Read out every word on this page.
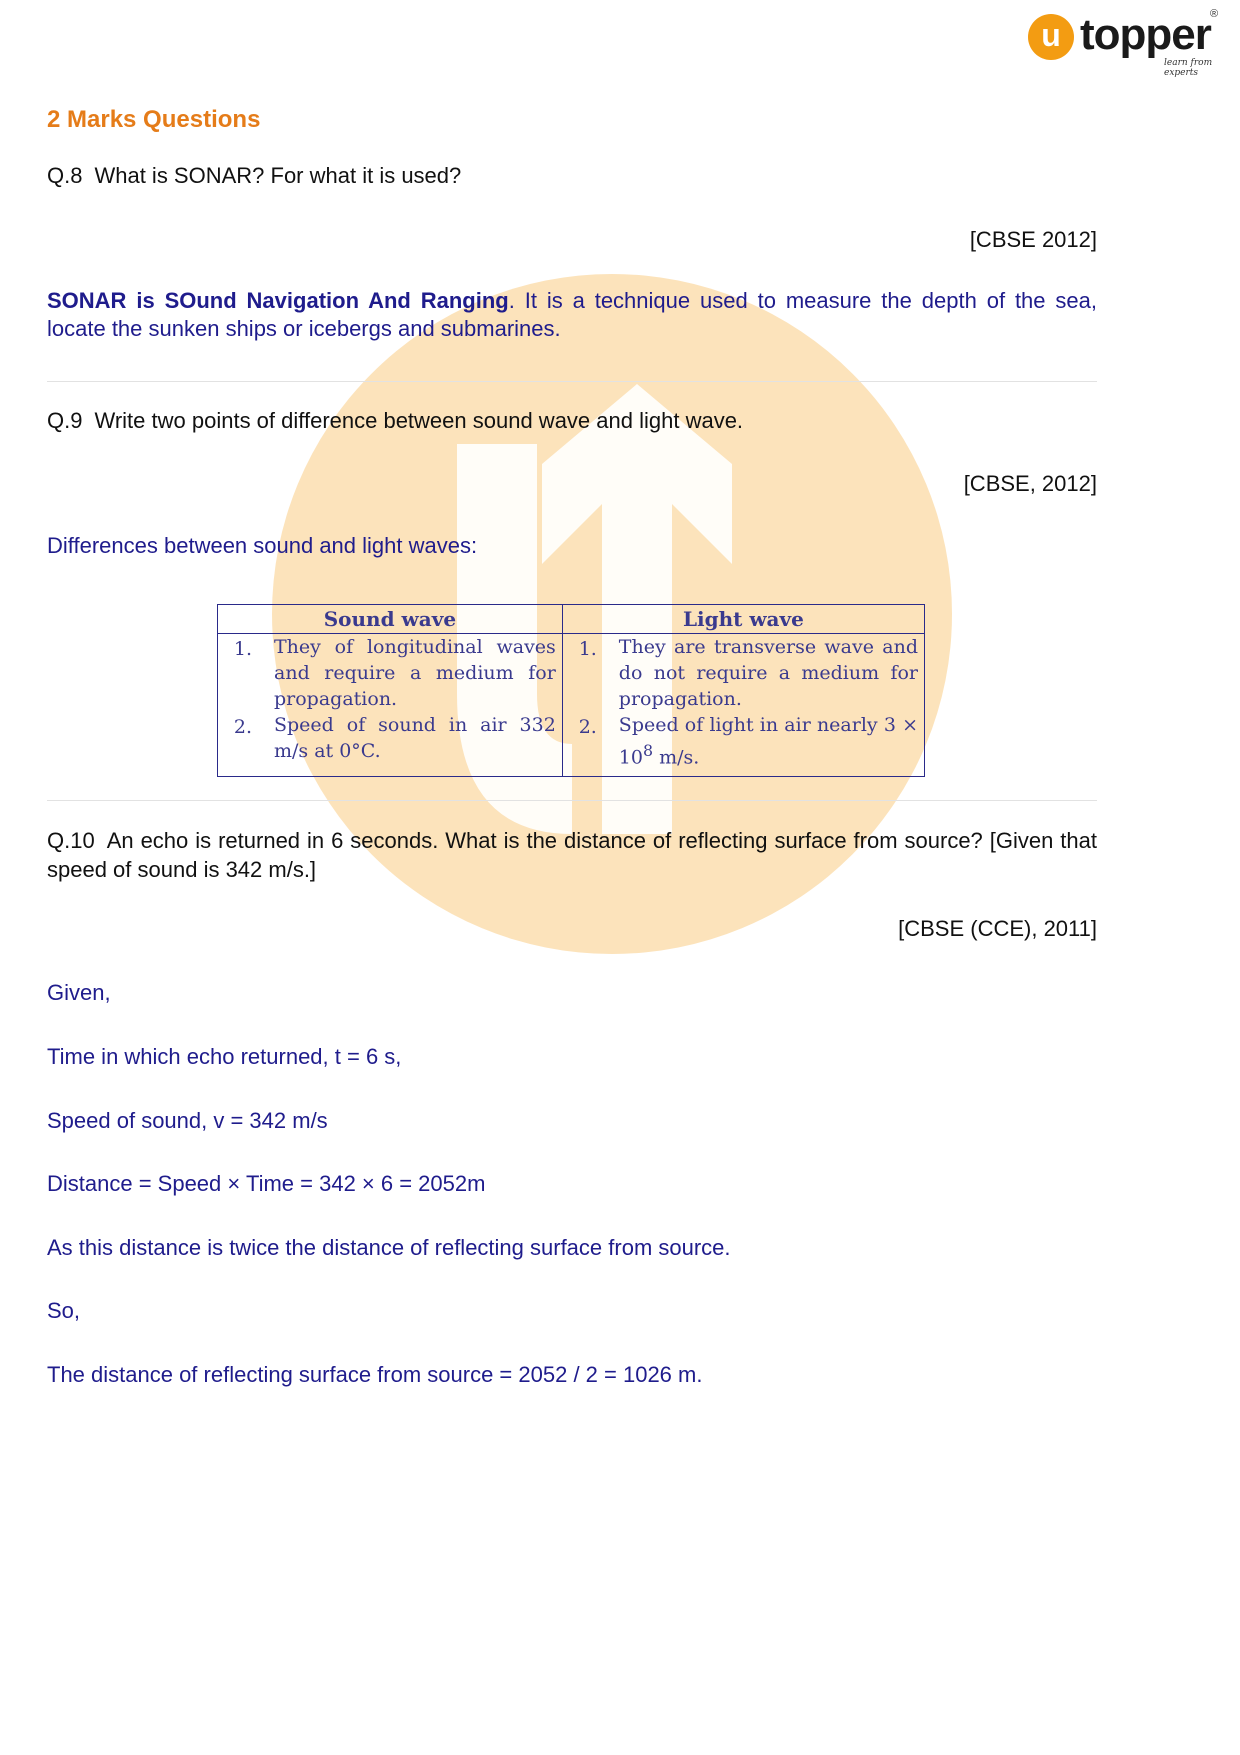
u topper
learn from experts
®
2 Marks Questions
Q.8 What is SONAR? For what it is used?
[CBSE 2012]
SONAR is SOund Navigation And Ranging. It is a technique used to measure the depth of the sea, locate the sunken ships or icebergs and submarines.
Q.9 Write two points of difference between sound wave and light wave.
[CBSE, 2012]
Differences between sound and light waves:
Q.10 An echo is returned in 6 seconds. What is the distance of reflecting surface from source? [Given that speed of sound is 342 m/s.]
[CBSE (CCE), 2011]
Given,
Time in which echo returned, t = 6 s,
Speed of sound, v = 342 m/s
Distance = Speed × Time = 342 × 6 = 2052m
As this distance is twice the distance of reflecting surface from source.
So,
The distance of reflecting surface from source = 2052 / 2 = 1026 m.
Sound wave		Light wave	
1.	They of longitudinal waves and require a medium for propagation.	1.	They are transverse wave and do not require a medium for propagation.
2.	Speed of sound in air 332 m/s at 0°C.	2.	Speed of light in air nearly $3 \times 10^8$ m/s.
